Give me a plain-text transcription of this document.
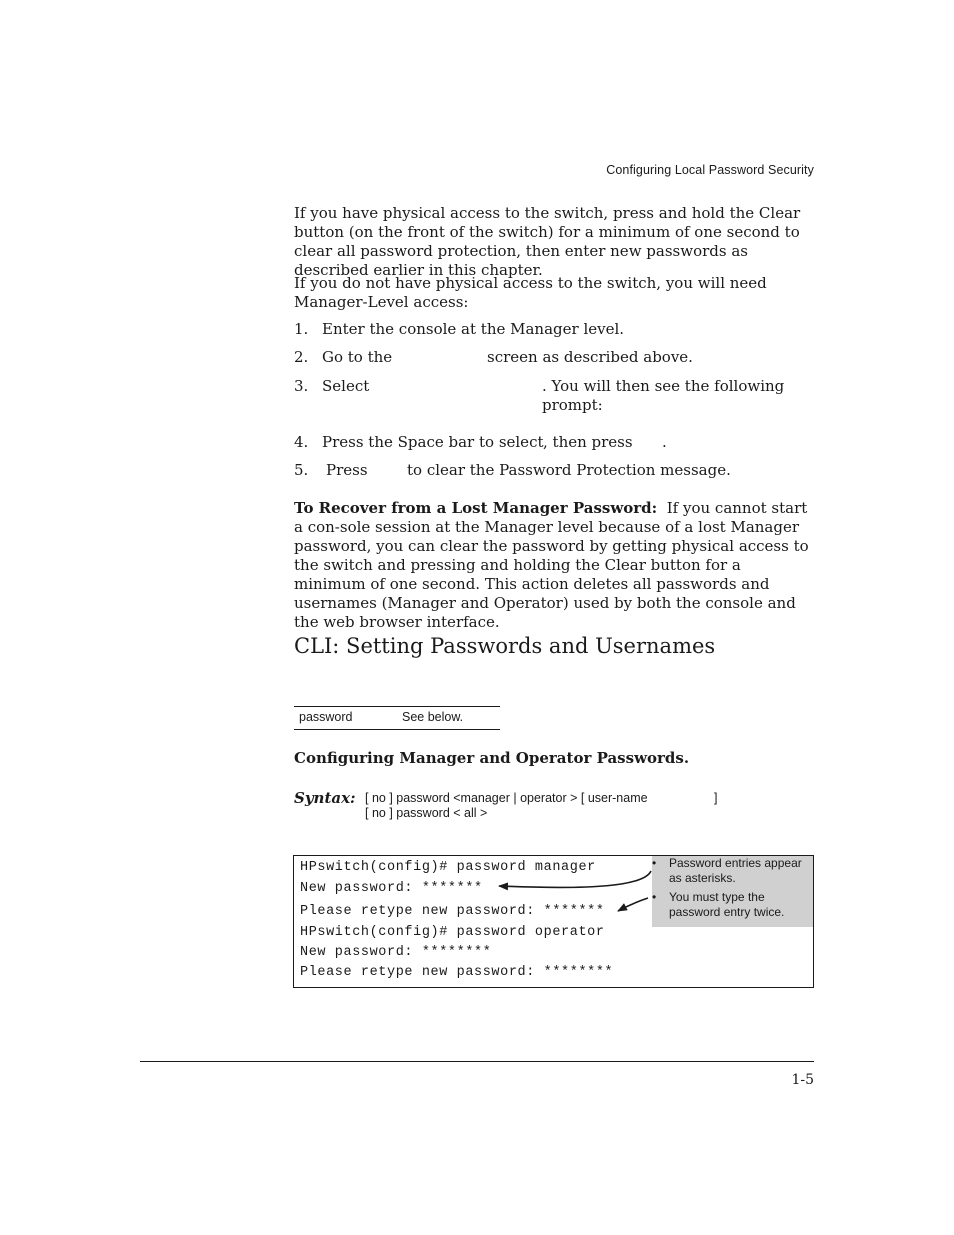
Configuring Local Password Security
If you have physical access to the switch, press and hold the Clear button (on the front of the switch) for a minimum of one second to clear all password protection, then enter new passwords as described earlier in this chapter.
If you do not have physical access to the switch, you will need Manager-Level access:
1. Enter the console at the Manager level.
2. Go to the	screen as described above.
3. Select	. You will then see the following prompt:
4. Press the Space bar to select , then press .
5. Press	to clear the Password Protection message.
To Recover from a Lost Manager Password: If you cannot start a con-sole session at the Manager level because of a lost Manager password, you can clear the password by getting physical access to the switch and pressing and holding the Clear button for a minimum of one second. This action deletes all passwords and usernames (Manager and Operator) used by both the console and the web browser interface.
CLI: Setting Passwords and Usernames
password	See below.
Configuring Manager and Operator Passwords.
Syntax: [ no ] password <manager | operator > [ user-name	]
[ no ] password < all >
HPswitch(config)# password manager
New password: *******
Please retype new password: *******
HPswitch(config)# password operator
New password: ********
Please retype new password: ********
• Password entries appear as asterisks.
• You must type the password entry twice.
1-5
